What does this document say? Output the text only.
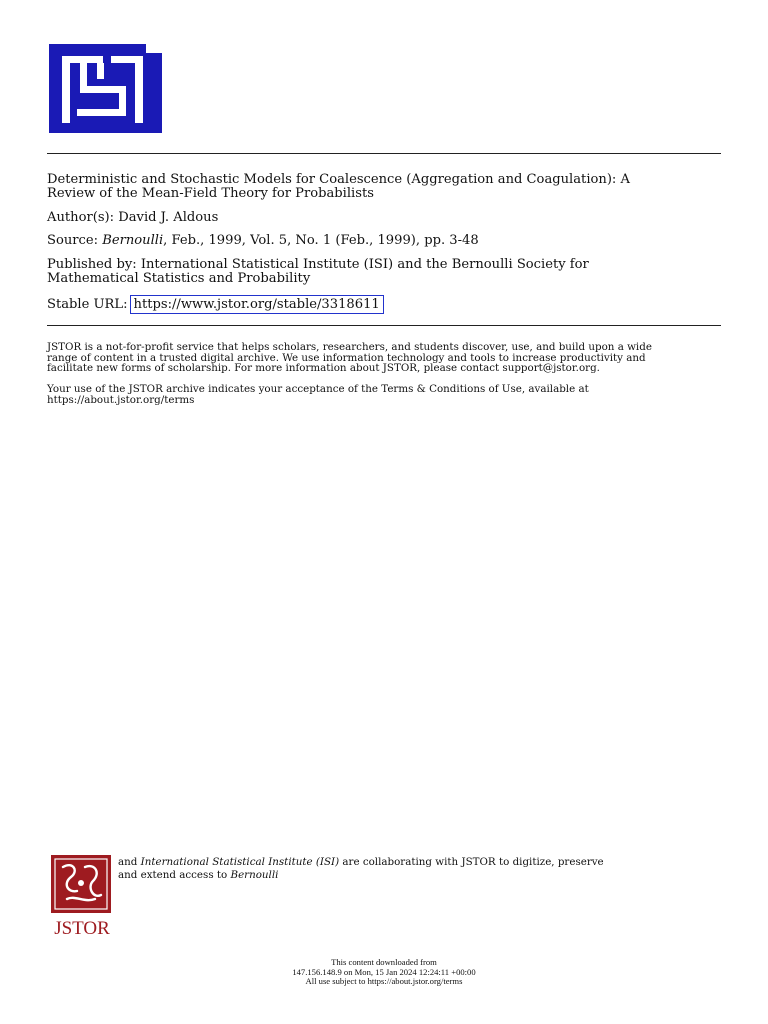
Deterministic and Stochastic Models for Coalescence (Aggregation and Coagulation): A
Review of the Mean-Field Theory for Probabilists
Author(s): David J. Aldous
Source: Bernoulli, Feb., 1999, Vol. 5, No. 1 (Feb., 1999), pp. 3-48
Published by: International Statistical Institute (ISI) and the Bernoulli Society for
Mathematical Statistics and Probability
Stable URL: https://www.jstor.org/stable/3318611
JSTOR is a not-for-profit service that helps scholars, researchers, and students discover, use, and build upon a wide
range of content in a trusted digital archive. We use information technology and tools to increase productivity and
facilitate new forms of scholarship. For more information about JSTOR, please contact support@jstor.org.
Your use of the JSTOR archive indicates your acceptance of the Terms & Conditions of Use, available at
https://about.jstor.org/terms
JSTOR
and International Statistical Institute (ISI) are collaborating with JSTOR to digitize, preserve
and extend access to Bernoulli
This content downloaded from
147.156.148.9 on Mon, 15 Jan 2024 12:24:11 +00:00
All use subject to https://about.jstor.org/terms
